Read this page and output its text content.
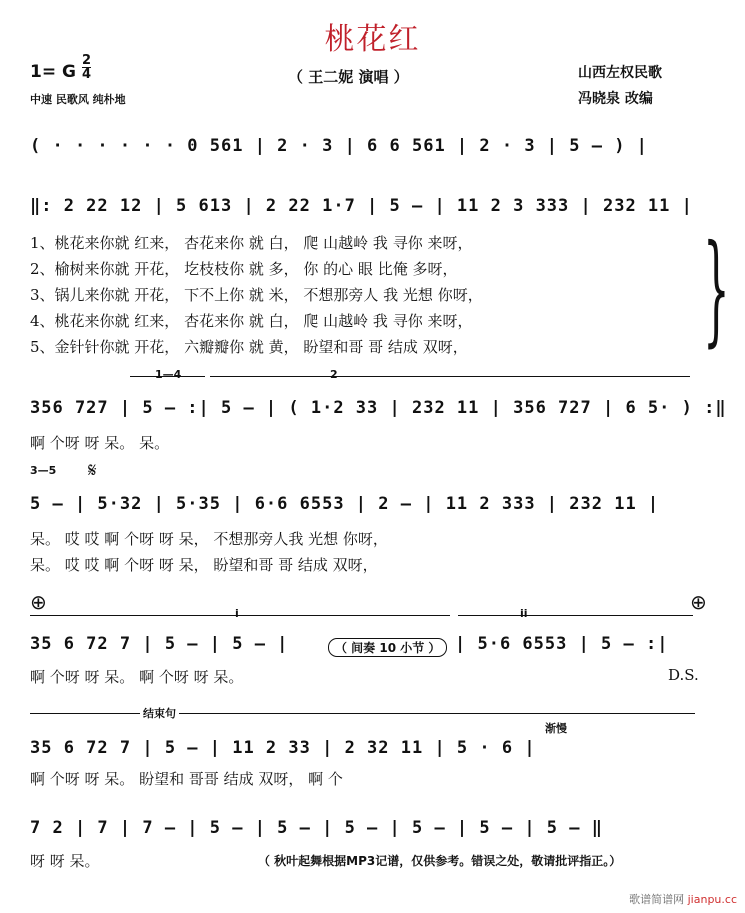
桃花红
1= G $\frac{2}{4}$	（ 王二妮 演唱 ）
中速 民歌风 纯朴地
山西左权民歌
冯晓泉 改编
( · · · · · · 0 561 | 2 · 3 | 6 6 561 | 2 · 3 | 5 – ) |
‖: 2 22 12 | 5 613 | 2 22 1·7 | 5 – | 11 2 3 333 | 232 11 |
1、桃花来你就 红来， 杏花来你 就 白， 爬 山越岭 我 寻你 来呀，
2、榆树来你就 开花， 圪枝枝你 就 多， 你 的心 眼 比俺 多呀，
3、锅儿来你就 开花， 下不上你 就 米， 不想那旁人 我 光想 你呀，
4、桃花来你就 红来， 杏花来你 就 白， 爬 山越岭 我 寻你 来呀，
5、金针针你就 开花， 六瓣瓣你 就 黄， 盼望和哥 哥 结成 双呀， }
1—4	2
356 727 | 5 – :| 5 – | ( 1·2 33 | 232 11 | 356 727 | 6 5· ) :‖
啊 个呀 呀 呆。 呆。
3—5 𝄋
5 – | 5·32 | 5·35 | 6·6 6553 | 2 – | 11 2 333 | 232 11 |
呆。 哎 哎 啊 个呀 呀 呆， 不想那旁人我 光想 你呀，
呆。 哎 哎 啊 个呀 呀 呆， 盼望和哥 哥 结成 双呀，
⊕	⊕
i	ii
35 6 72 7 | 5 – | 5 – |	（ 间奏 10 小节 ） | 5·6 6553 | 5 – :|
啊 个呀 呀 呆。 啊 个呀 呀 呆。	D.S.
结束句
渐慢
35 6 72 7 | 5 – | 11 2 33 | 2 32 11 | 5 · 6 |
啊 个呀 呀 呆。 盼望和 哥哥 结成 双呀， 啊 个
7 2 | 7 | 7 – | 5 – | 5 – | 5 – | 5 – | 5 – | 5 – ‖
呀 呀 呆。	（ 秋叶起舞根据MP3记谱，仅供参考。错误之处，敬请批评指正。）
歌谱简谱网 jianpu.cc
